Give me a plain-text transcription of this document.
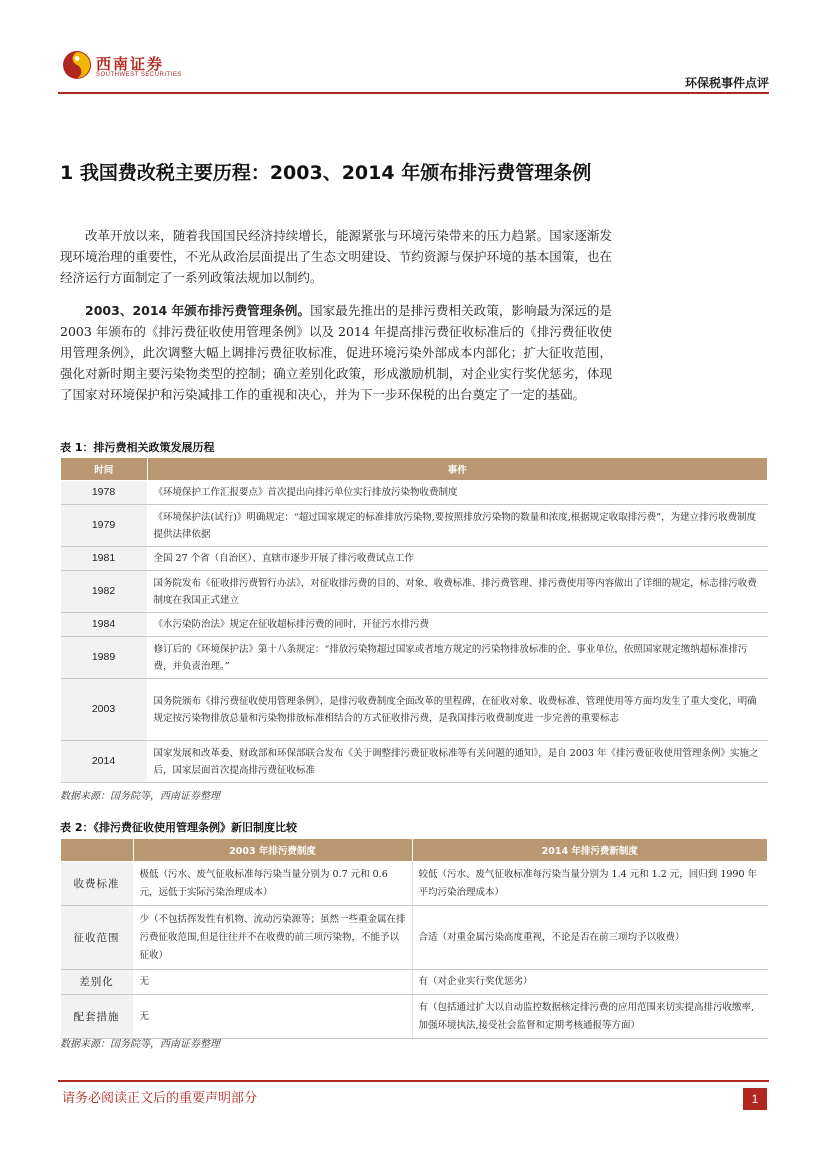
西南证券
SOUTHWEST SECURITIES
环保税事件点评
1 我国费改税主要历程：2003、2014 年颁布排污费管理条例
改革开放以来，随着我国国民经济持续增长，能源紧张与环境污染带来的压力趋紧。国家逐渐发现环境治理的重要性，不光从政治层面提出了生态文明建设、节约资源与保护环境的基本国策，也在经济运行方面制定了一系列政策法规加以制约。
2003、2014 年颁布排污费管理条例。国家最先推出的是排污费相关政策，影响最为深远的是 2003 年颁布的《排污费征收使用管理条例》以及 2014 年提高排污费征收标准后的《排污费征收使用管理条例》，此次调整大幅上调排污费征收标准，促进环境污染外部成本内部化；扩大征收范围，强化对新时期主要污染物类型的控制；确立差别化政策，形成激励机制，对企业实行奖优惩劣，体现了国家对环境保护和污染减排工作的重视和决心，并为下一步环保税的出台奠定了一定的基础。
表 1：排污费相关政策发展历程
时间	事件
1978	《环境保护工作汇报要点》首次提出向排污单位实行排放污染物收费制度
1979	《环境保护法(试行)》明确规定：“超过国家规定的标准排放污染物,要按照排放污染物的数量和浓度,根据规定收取排污费”，为建立排污收费制度提供法律依据
1981	全国 27 个省（自治区）、直辖市逐步开展了排污收费试点工作
1982	国务院发布《征收排污费暂行办法》，对征收排污费的目的、对象、收费标准、排污费管理、排污费使用等内容做出了详细的规定，标志排污收费制度在我国正式建立
1984	《水污染防治法》规定在征收超标排污费的同时，开征污水排污费
1989	修订后的《环境保护法》第十八条规定：“排放污染物超过国家或者地方规定的污染物排放标准的企、事业单位，依照国家规定缴纳超标准排污费，并负责治理。”
2003	国务院颁布《排污费征收使用管理条例》，是排污收费制度全面改革的里程碑，在征收对象、收费标准、管理使用等方面均发生了重大变化，明确规定按污染物排放总量和污染物排放标准相结合的方式征收排污费，是我国排污收费制度进一步完善的重要标志
2014	国家发展和改革委、财政部和环保部联合发布《关于调整排污费征收标准等有关问题的通知》，是自 2003 年《排污费征收使用管理条例》实施之后，国家层面首次提高排污费征收标准
数据来源：国务院等，西南证券整理
表 2：《排污费征收使用管理条例》新旧制度比较
	2003 年排污费制度	2014 年排污费新制度
收费标准	极低（污水、废气征收标准每污染当量分别为 0.7 元和 0.6 元，远低于实际污染治理成本）	较低（污水、废气征收标准每污染当量分别为 1.4 元和 1.2 元，回归到 1990 年平均污染治理成本）
征收范围	少（不包括挥发性有机物、流动污染源等；虽然一些重金属在排污费征收范围,但是往往并不在收费的前三项污染物，不能予以征收）	合适（对重金属污染高度重视，不论是否在前三项均予以收费）
差别化	无	有（对企业实行奖优惩劣）
配套措施	无	有（包括通过扩大以自动监控数据核定排污费的应用范围来切实提高排污收缴率,加强环境执法,接受社会监督和定期考核通报等方面）
数据来源：国务院等，西南证券整理
请务必阅读正文后的重要声明部分	1
